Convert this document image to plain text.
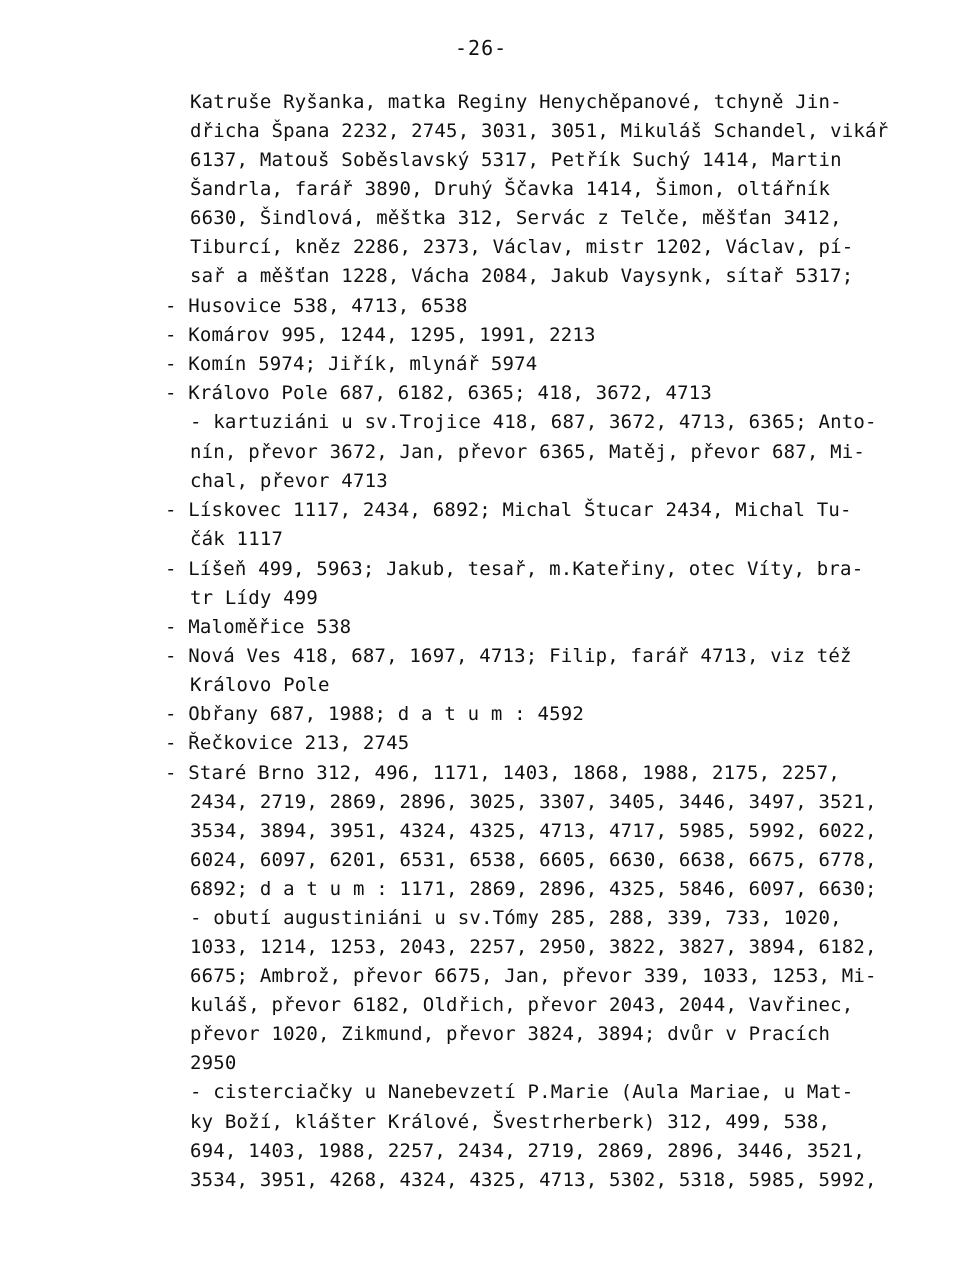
-26-
Katruše Ryšanka, matka Reginy Henychěpanové, tchyně Jin-
dřicha Špana 2232, 2745, 3031, 3051, Mikuláš Schandel, vikář
6137, Matouš Soběslavský 5317, Petřík Suchý 1414, Martin
Šandrla, farář 3890, Druhý Ščavka 1414, Šimon, oltářník
6630, Šindlová, měštka 312, Servác z Telče, měšťan 3412,
Tiburcí, kněz 2286, 2373, Václav, mistr 1202, Václav, pí-
sař a měšťan 1228, Vácha 2084, Jakub Vaysynk, sítař 5317;
- Husovice 538, 4713, 6538
- Komárov 995, 1244, 1295, 1991, 2213
- Komín 5974; Jiřík, mlynář 5974
- Královo Pole 687, 6182, 6365; 418, 3672, 4713
- kartuziáni u sv.Trojice 418, 687, 3672, 4713, 6365; Anto-
nín, převor 3672, Jan, převor 6365, Matěj, převor 687, Mi-
chal, převor 4713
- Lískovec 1117, 2434, 6892; Michal Štucar 2434, Michal Tu-
čák 1117
- Líšeň 499, 5963; Jakub, tesař, m.Kateřiny, otec Víty, bra-
tr Lídy 499
- Maloměřice 538
- Nová Ves 418, 687, 1697, 4713; Filip, farář 4713, viz též
Královo Pole
- Obřany 687, 1988; d a t u m : 4592
- Řečkovice 213, 2745
- Staré Brno 312, 496, 1171, 1403, 1868, 1988, 2175, 2257,
2434, 2719, 2869, 2896, 3025, 3307, 3405, 3446, 3497, 3521,
3534, 3894, 3951, 4324, 4325, 4713, 4717, 5985, 5992, 6022,
6024, 6097, 6201, 6531, 6538, 6605, 6630, 6638, 6675, 6778,
6892; d a t u m : 1171, 2869, 2896, 4325, 5846, 6097, 6630;
- obutí augustiniáni u sv.Tómy 285, 288, 339, 733, 1020,
1033, 1214, 1253, 2043, 2257, 2950, 3822, 3827, 3894, 6182,
6675; Ambrož, převor 6675, Jan, převor 339, 1033, 1253, Mi-
kuláš, převor 6182, Oldřich, převor 2043, 2044, Vavřinec,
převor 1020, Zikmund, převor 3824, 3894; dvůr v Pracích
2950
- cisterciačky u Nanebevzetí P.Marie (Aula Mariae, u Mat-
ky Boží, klášter Králové, Švestrherberk) 312, 499, 538,
694, 1403, 1988, 2257, 2434, 2719, 2869, 2896, 3446, 3521,
3534, 3951, 4268, 4324, 4325, 4713, 5302, 5318, 5985, 5992,
